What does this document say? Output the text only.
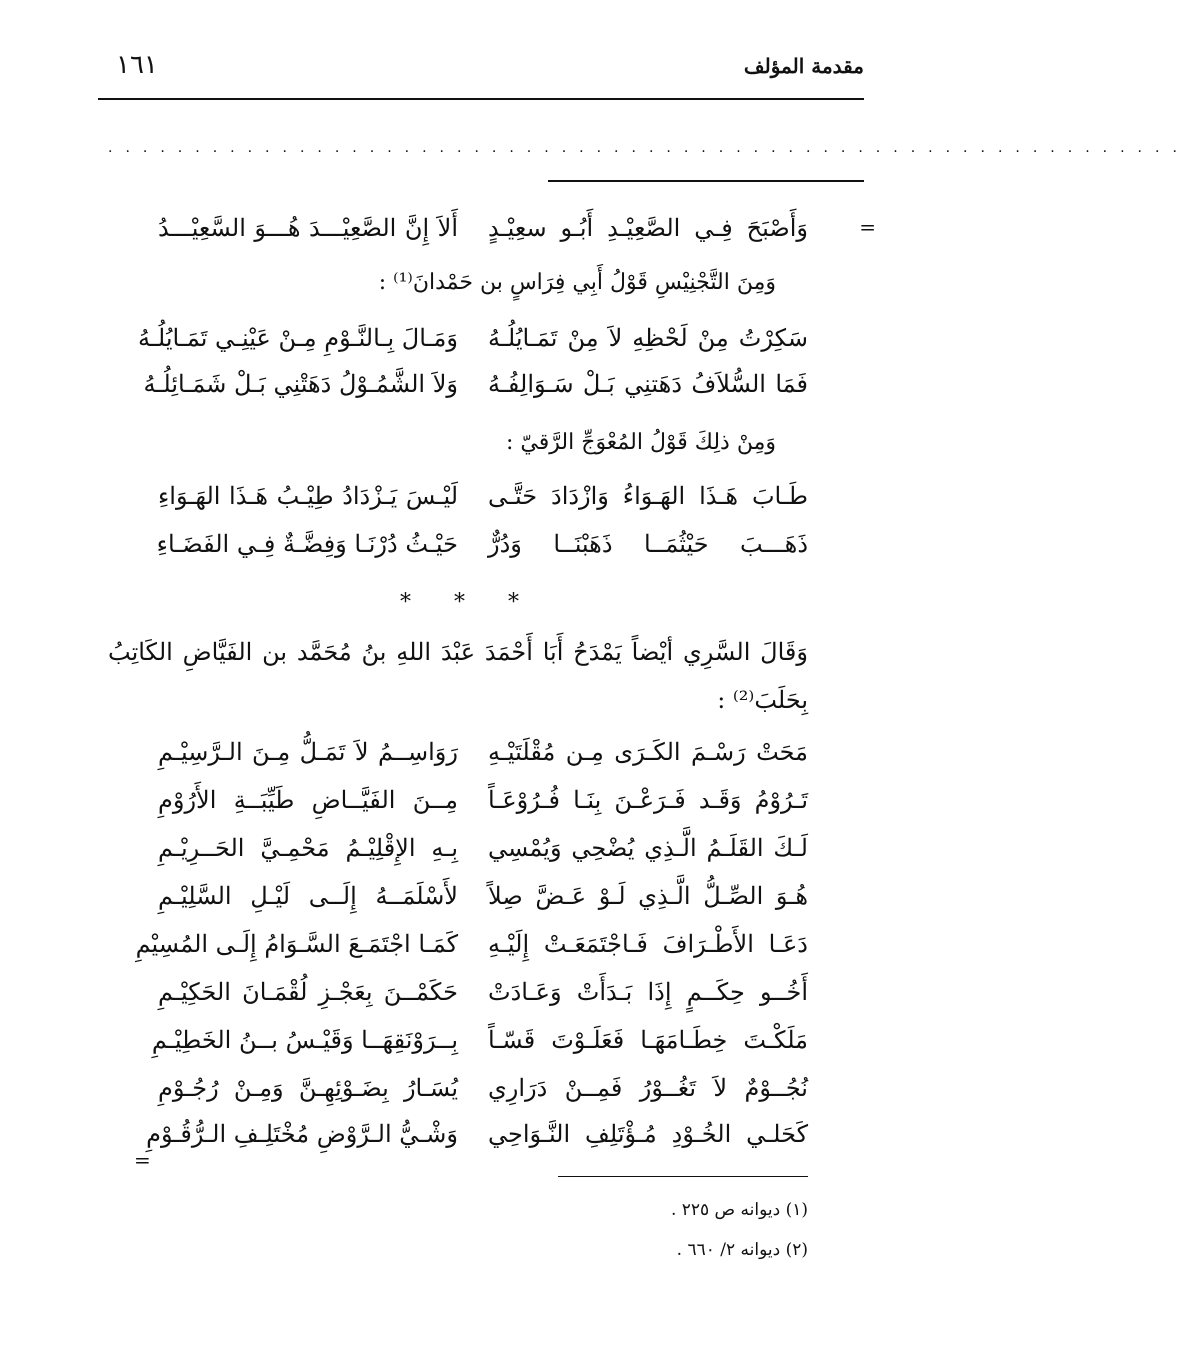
مقدمة المؤلف
١٦١
..............................................................
=
وَأَصْبَحَ فِـي الصَّعِيْـدِ أَبُـو سعِيْـدٍ
أَلاَ إِنَّ الصَّعِيْـــدَ هُـــوَ السَّعِيْـــدُ
وَمِنَ التَّجْنِيْسِ قَوْلُ أَبِي فِرَاسٍ بن حَمْدانَ⁽¹⁾ :
سَكِرْتُ مِنْ لَحْظِهِ لاَ مِنْ تَمَـايُلُـهُ
وَمَـالَ بِـالنَّـوْمِ مِـنْ عَيْنِـي تَمَـايُلُـهُ
فَمَا السُّلاَفُ دَهَتنِي بَـلْ سَـوَالِفُـهُ
وَلاَ الشَّمُـوْلُ دَهَتْنِي بَـلْ شَمَـائِلُـهُ
وَمِنْ ذلِكَ قَوْلُ المُعْوَجِّ الرَّقيّ :
طَـابَ هَـذَا الهَـوَاءُ وَازْدَادَ حَتَّـى
لَيْـسَ يَـزْدَادُ طِيْـبُ هَـذَا الهَـوَاءِ
ذَهَـــبَ حَيْثُمَــا ذَهَبْنَــا وَدُرٌّ
حَيْـثُ دُرْنَـا وَفِضَّـةٌ فِـي الفَضَـاءِ
* * *
وَقَالَ السَّرِي أيْضاً يَمْدَحُ أَبَا أَحْمَدَ عَبْدَ اللهِ بنُ مُحَمَّد بن الفَيَّاضِ الكَاتِبُ
بِحَلَبَ⁽²⁾ :
مَحَتْ رَسْـمَ الكَـرَى مِـن مُقْلَتَيْـهِ
رَوَاسِــمُ لاَ تَمَـلُّ مِـنَ الـرَّسِيْـمِ
تَـرُوْمُ وَقَـد فَـرَعْـنَ بِنَـا فُـرُوْعَـاً
مِــنَ الفَيَّــاضِ طَيِّبَــةِ الأَرُوْمِ
لَـكَ القَلَـمُ الَّـذِي يُضْحِي وَيُمْسِي
بِـهِ الإِقْلِيْـمُ مَحْمِـيَّ الحَــرِيْـمِ
هُـوَ الصِّـلُّ الَّـذِي لَـوْ عَـضَّ صِلاً
لأَسْلَمَــهُ إِلَــى لَيْـلِ السَّلِيْـمِ
دَعَـا الأَطْـرَافَ فَـاجْتَمَعَـتْ إِلَيْـهِ
كَمَـا اجْتَمَـعَ السَّـوَامُ إِلَـى المُسِيْمِ
أَخُــو حِكَــمٍ إِذَا بَـدَأَتْ وَعَـادَتْ
حَكَمْــنَ بِعَجْـزِ لُقْمَـانَ الحَكِيْـمِ
مَلَكْـتَ خِطَـامَهَـا فَعَلَـوْتَ قَسّـاً
بِــرَوْنَقِهَــا وَقَيْـسُ بــنُ الخَطِيْـمِ
نُجُــوْمٌ لاَ تَغُــوْرُ فَمِــنْ دَرَارِي
يُسَـارُ بِضَـوْئِهِـنَّ وَمِـنْ رُجُـوْمِ
كَحَلـي الخُـوْدِ مُـؤْتَلِفِ النَّـوَاحِي
وَشْـيُّ الـرَّوْضِ مُخْتَلِـفِ الـرُّقُـوْمِ
=
(١) ديوانه ص ٢٢٥ .
(٢) ديوانه ٢/ ٦٦٠ .
